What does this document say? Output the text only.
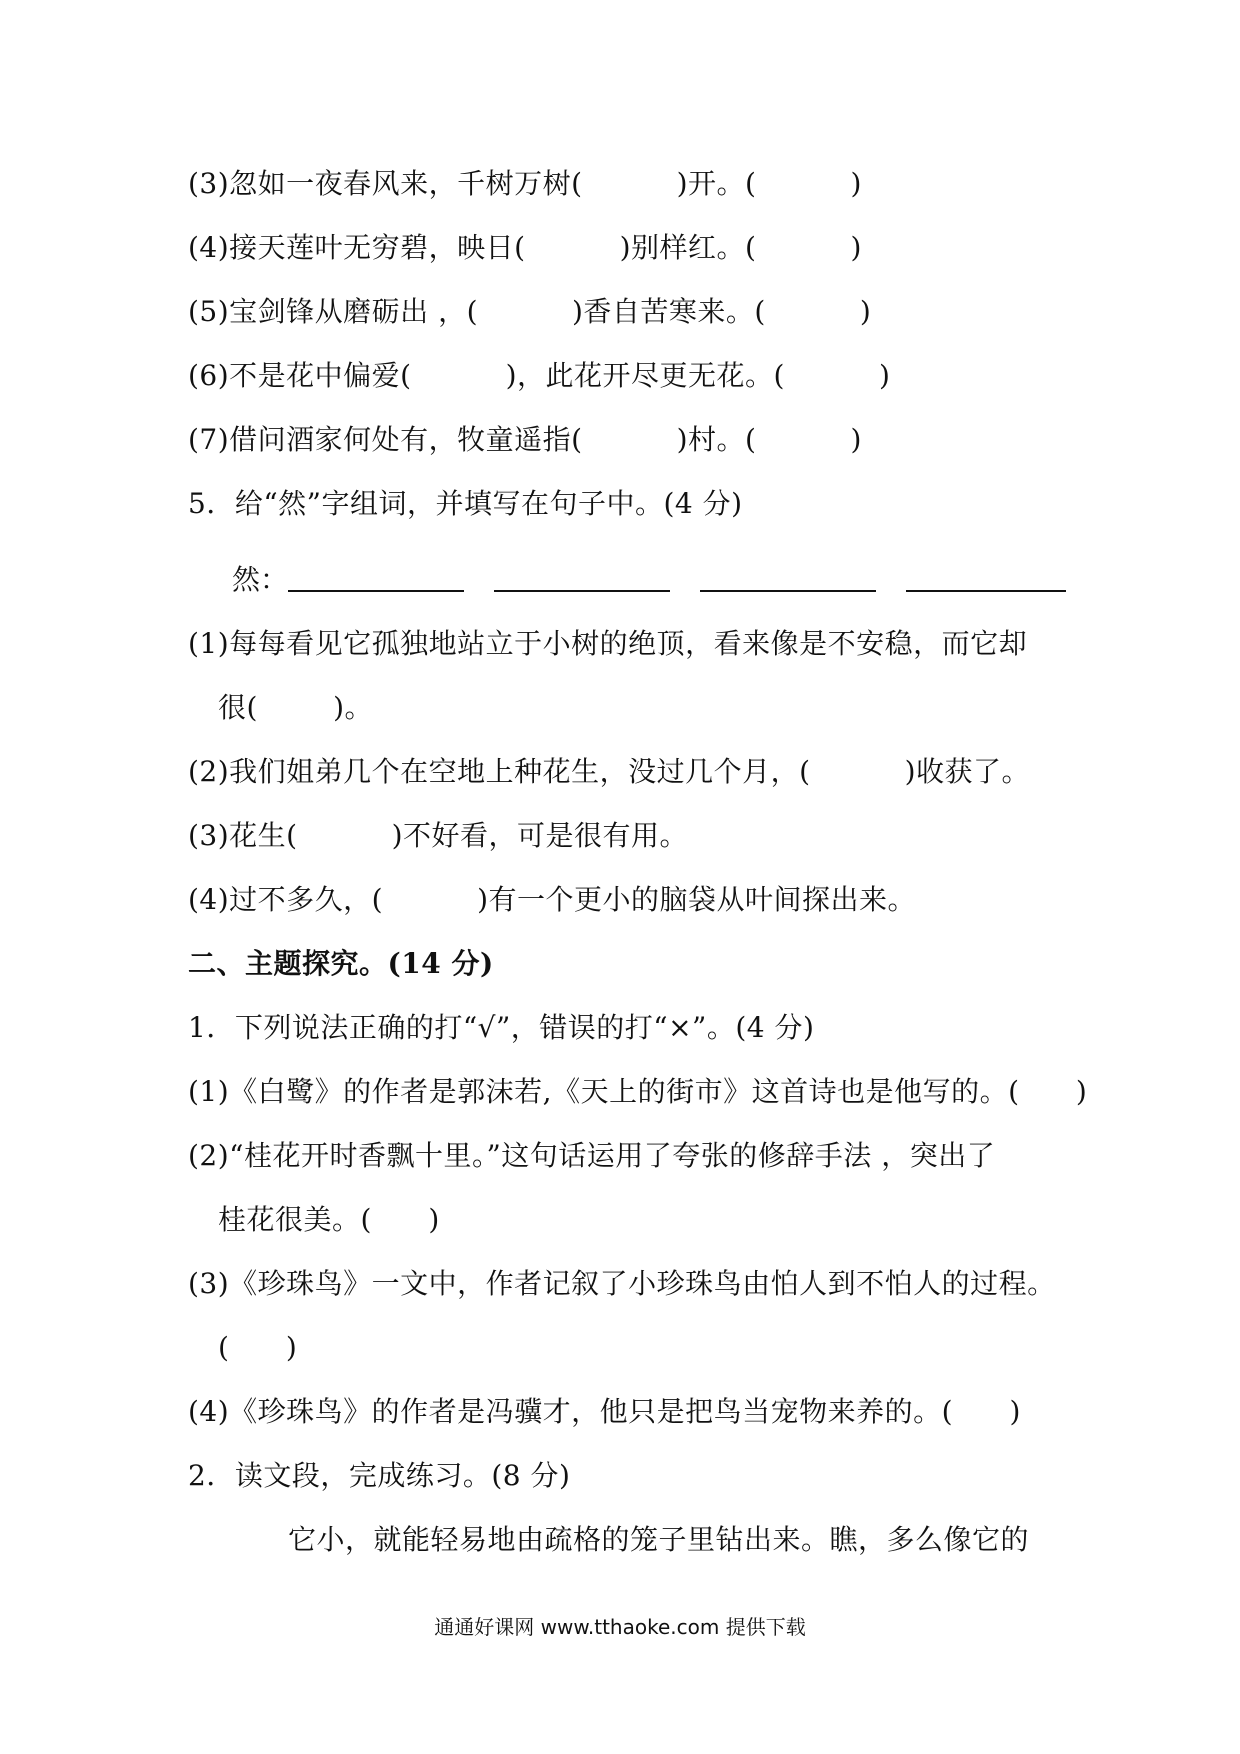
(3)忽如一夜春风来，千树万树(          )开。(          )
(4)接天莲叶无穷碧，映日(          )别样红。(          )
(5)宝剑锋从磨砺出 ，(          )香自苦寒来。(          )
(6)不是花中偏爱(          )，此花开尽更无花。(          )
(7)借问酒家何处有，牧童遥指(          )村。(          )
5．给“然”字组词，并填写在句子中。(4 分)
然：
(1)每每看见它孤独地站立于小树的绝顶，看来像是不安稳，而它却
很(        )。
(2)我们姐弟几个在空地上种花生，没过几个月，(          )收获了。
(3)花生(          )不好看，可是很有用。
(4)过不多久，(          )有一个更小的脑袋从叶间探出来。
二、主题探究。(14 分)
1．下列说法正确的打“√”，错误的打“×”。(4 分)
(1)《白鹭》的作者是郭沫若,《天上的街市》这首诗也是他写的。(      )
(2)“桂花开时香飘十里。”这句话运用了夸张的修辞手法 ，突出了
桂花很美。(      )
(3)《珍珠鸟》一文中，作者记叙了小珍珠鸟由怕人到不怕人的过程。
(      )
(4)《珍珠鸟》的作者是冯骥才，他只是把鸟当宠物来养的。(      )
2．读文段，完成练习。(8 分)
它小，就能轻易地由疏格的笼子里钻出来。瞧，多么像它的
通通好课网 www.tthaoke.com 提供下载
